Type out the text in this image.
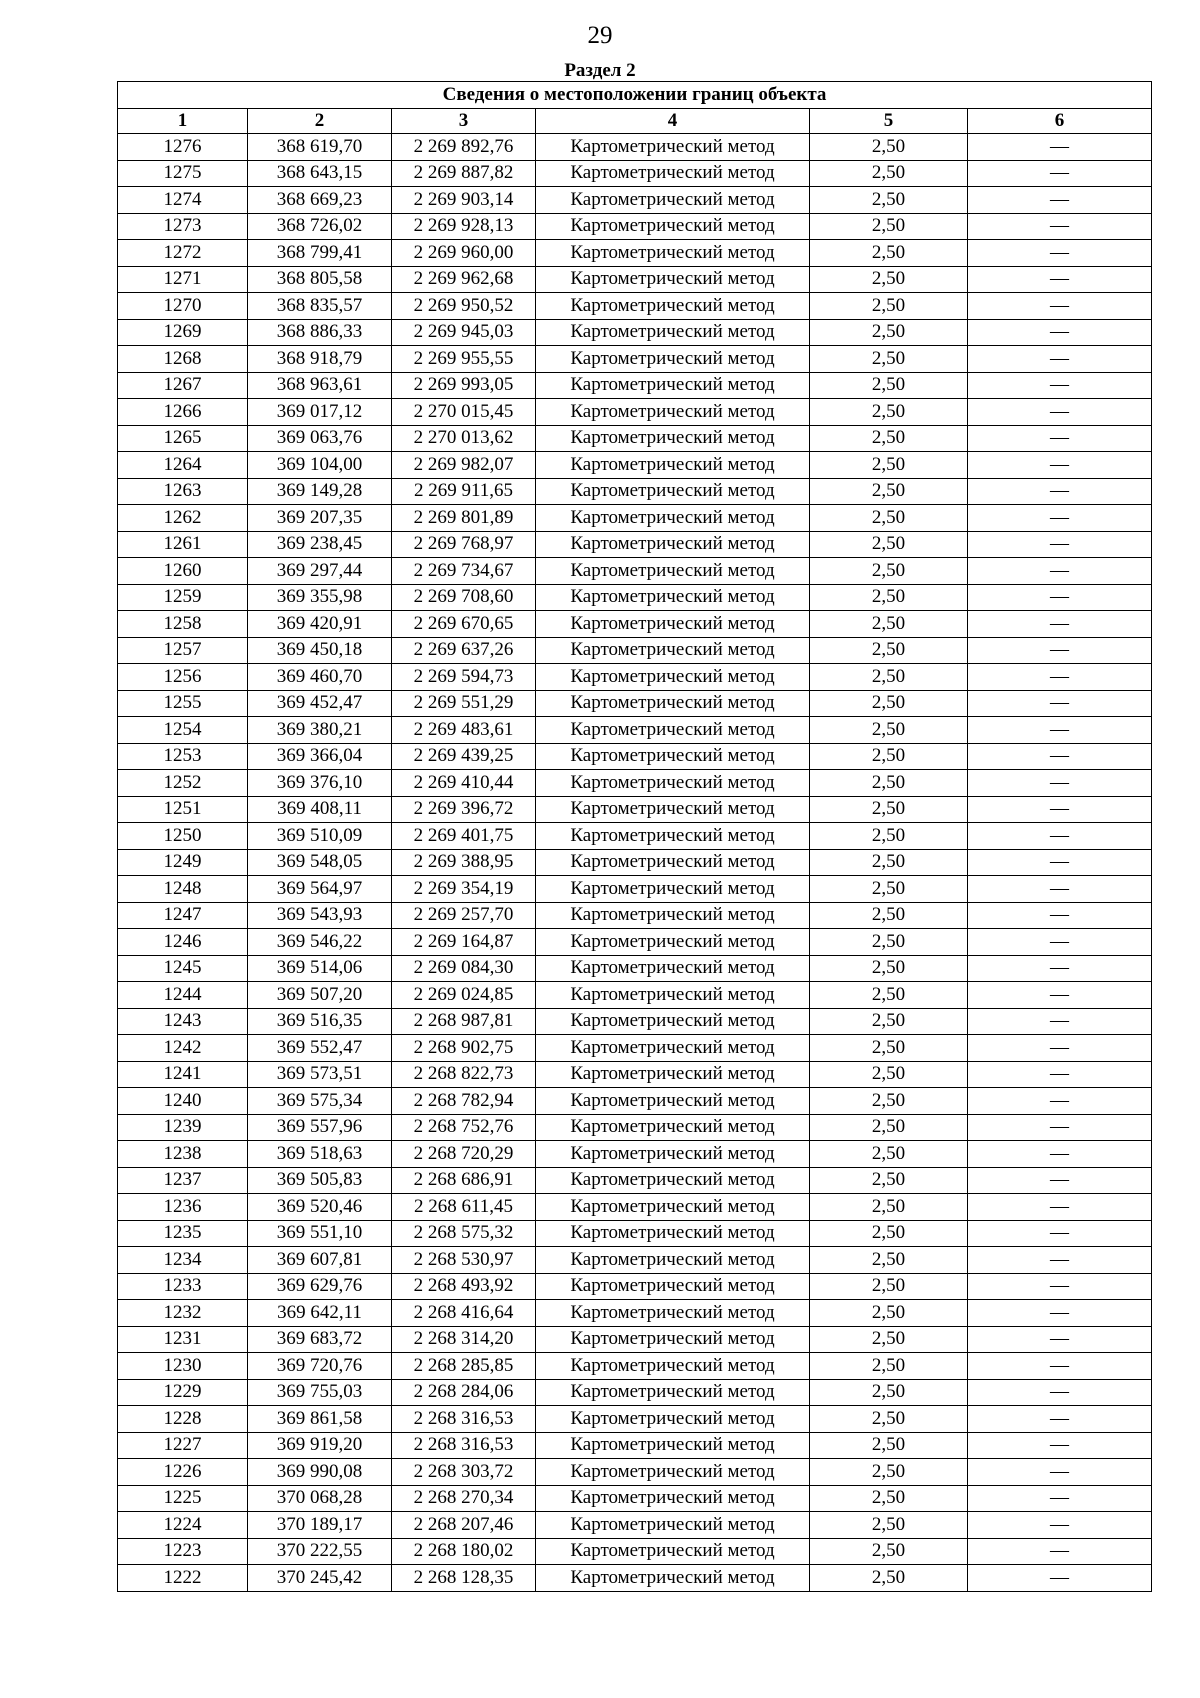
29
Раздел 2
Сведения о местоположении границ объекта					
1	2	3	4	5	6
1276	368 619,70	2 269 892,76	Картометрический метод	2,50	—
1275	368 643,15	2 269 887,82	Картометрический метод	2,50	—
1274	368 669,23	2 269 903,14	Картометрический метод	2,50	—
1273	368 726,02	2 269 928,13	Картометрический метод	2,50	—
1272	368 799,41	2 269 960,00	Картометрический метод	2,50	—
1271	368 805,58	2 269 962,68	Картометрический метод	2,50	—
1270	368 835,57	2 269 950,52	Картометрический метод	2,50	—
1269	368 886,33	2 269 945,03	Картометрический метод	2,50	—
1268	368 918,79	2 269 955,55	Картометрический метод	2,50	—
1267	368 963,61	2 269 993,05	Картометрический метод	2,50	—
1266	369 017,12	2 270 015,45	Картометрический метод	2,50	—
1265	369 063,76	2 270 013,62	Картометрический метод	2,50	—
1264	369 104,00	2 269 982,07	Картометрический метод	2,50	—
1263	369 149,28	2 269 911,65	Картометрический метод	2,50	—
1262	369 207,35	2 269 801,89	Картометрический метод	2,50	—
1261	369 238,45	2 269 768,97	Картометрический метод	2,50	—
1260	369 297,44	2 269 734,67	Картометрический метод	2,50	—
1259	369 355,98	2 269 708,60	Картометрический метод	2,50	—
1258	369 420,91	2 269 670,65	Картометрический метод	2,50	—
1257	369 450,18	2 269 637,26	Картометрический метод	2,50	—
1256	369 460,70	2 269 594,73	Картометрический метод	2,50	—
1255	369 452,47	2 269 551,29	Картометрический метод	2,50	—
1254	369 380,21	2 269 483,61	Картометрический метод	2,50	—
1253	369 366,04	2 269 439,25	Картометрический метод	2,50	—
1252	369 376,10	2 269 410,44	Картометрический метод	2,50	—
1251	369 408,11	2 269 396,72	Картометрический метод	2,50	—
1250	369 510,09	2 269 401,75	Картометрический метод	2,50	—
1249	369 548,05	2 269 388,95	Картометрический метод	2,50	—
1248	369 564,97	2 269 354,19	Картометрический метод	2,50	—
1247	369 543,93	2 269 257,70	Картометрический метод	2,50	—
1246	369 546,22	2 269 164,87	Картометрический метод	2,50	—
1245	369 514,06	2 269 084,30	Картометрический метод	2,50	—
1244	369 507,20	2 269 024,85	Картометрический метод	2,50	—
1243	369 516,35	2 268 987,81	Картометрический метод	2,50	—
1242	369 552,47	2 268 902,75	Картометрический метод	2,50	—
1241	369 573,51	2 268 822,73	Картометрический метод	2,50	—
1240	369 575,34	2 268 782,94	Картометрический метод	2,50	—
1239	369 557,96	2 268 752,76	Картометрический метод	2,50	—
1238	369 518,63	2 268 720,29	Картометрический метод	2,50	—
1237	369 505,83	2 268 686,91	Картометрический метод	2,50	—
1236	369 520,46	2 268 611,45	Картометрический метод	2,50	—
1235	369 551,10	2 268 575,32	Картометрический метод	2,50	—
1234	369 607,81	2 268 530,97	Картометрический метод	2,50	—
1233	369 629,76	2 268 493,92	Картометрический метод	2,50	—
1232	369 642,11	2 268 416,64	Картометрический метод	2,50	—
1231	369 683,72	2 268 314,20	Картометрический метод	2,50	—
1230	369 720,76	2 268 285,85	Картометрический метод	2,50	—
1229	369 755,03	2 268 284,06	Картометрический метод	2,50	—
1228	369 861,58	2 268 316,53	Картометрический метод	2,50	—
1227	369 919,20	2 268 316,53	Картометрический метод	2,50	—
1226	369 990,08	2 268 303,72	Картометрический метод	2,50	—
1225	370 068,28	2 268 270,34	Картометрический метод	2,50	—
1224	370 189,17	2 268 207,46	Картометрический метод	2,50	—
1223	370 222,55	2 268 180,02	Картометрический метод	2,50	—
1222	370 245,42	2 268 128,35	Картометрический метод	2,50	—
